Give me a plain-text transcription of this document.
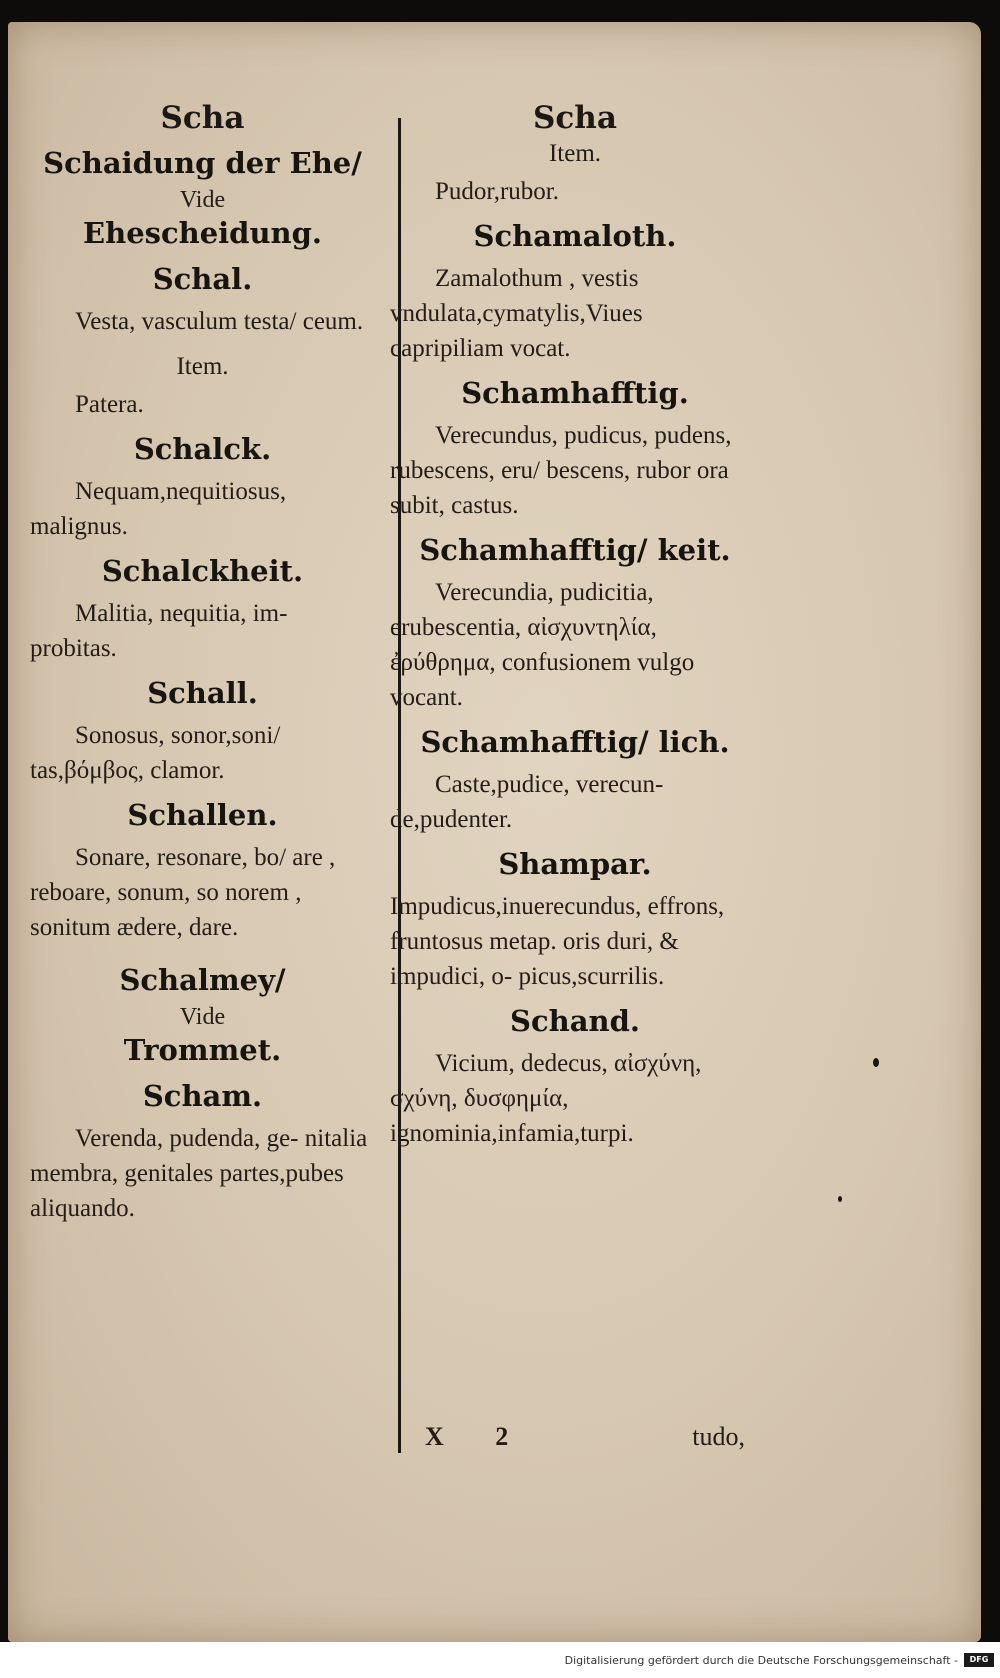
Scha
Schaidung der Ehe/
Vide
Ehescheidung.
Schal.
Vesta, vasculum testa/ ceum.
Item.
Patera.
Schalck.
Nequam,nequitiosus, malignus.
Schalckheit.
Malitia, nequitia, im- probitas.
Schall.
Sonosus, sonor,soni/ tas,βόμβος, clamor.
Schallen.
Sonare, resonare, bo/ are , reboare, sonum, so norem , sonitum ædere, dare.
Schalmey/
Vide
Trommet.
Scham.
Verenda, pudenda, ge- nitalia membra, genitales partes,pubes aliquando.
Scha
Item.
Pudor,rubor.
Schamaloth.
Zamalothum , vestis vndulata,cymatylis,Viues capripiliam vocat.
Schamhafftig.
Verecundus, pudicus, pudens, rubescens, eru/ bescens, rubor ora subit, castus.
Schamhafftig/ keit.
Verecundia, pudicitia, erubescentia, αἰσχυντηλία, ἐρύθρημα, confusionem vulgo vocant.
Schamhafftig/ lich.
Caste,pudice, verecun- de,pudenter.
Shampar.
Impudicus,inuerecundus, effrons, fruntosus metap. oris duri, & impudici, o- picus,scurrilis.
Schand.
Vicium, dedecus, αἰσχύνη, σχύνη, δυσφημία, ignominia,infamia,turpi.
X 2	tudo,
Digitalisierung gefördert durch die Deutsche Forschungsgemeinschaft -	DFG
